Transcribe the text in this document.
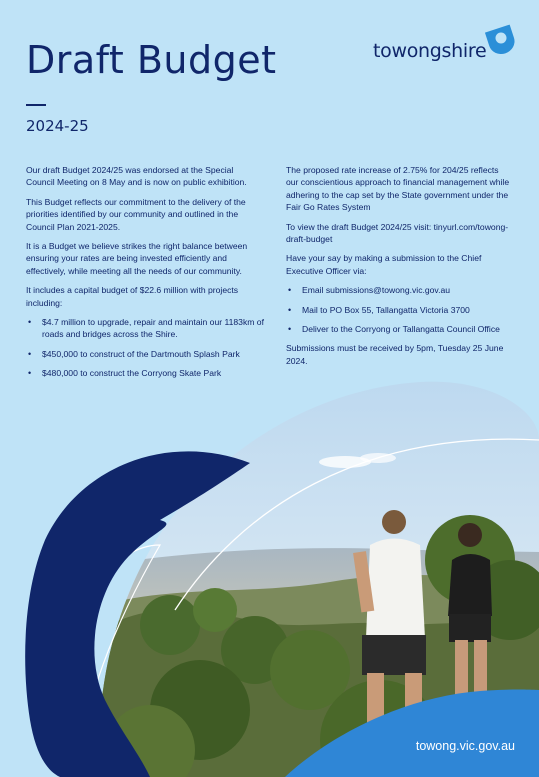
Draft Budget
2024-25
towongshire

Our draft Budget 2024/25 was endorsed at the Special Council Meeting on 8 May and is now on public exhibition.

This Budget reflects our commitment to the delivery of the priorities identified by our community and outlined in the Council Plan 2021-2025.

It is a Budget we believe strikes the right balance between ensuring your rates are being invested efficiently and effectively, while meeting all the needs of our community.

It includes a capital budget of $22.6 million with projects including:

• $4.7 million to upgrade, repair and maintain our 1183km of roads and bridges across the Shire.
• $450,000 to construct of the Dartmouth Splash Park
• $480,000 to construct the Corryong Skate Park

The proposed rate increase of 2.75% for 204/25 reflects our conscientious approach to financial management while adhering to the cap set by the State government under the Fair Go Rates System

To view the draft Budget 2024/25 visit: tinyurl.com/towong-draft-budget

Have your say by making a submission to the Chief Executive Officer via:

• Email submissions@towong.vic.gov.au
• Mail to PO Box 55, Tallangatta Victoria 3700
• Deliver to the Corryong or Tallangatta Council Office

Submissions must be received by 5pm, Tuesday 25 June 2024.

towong.vic.gov.au
